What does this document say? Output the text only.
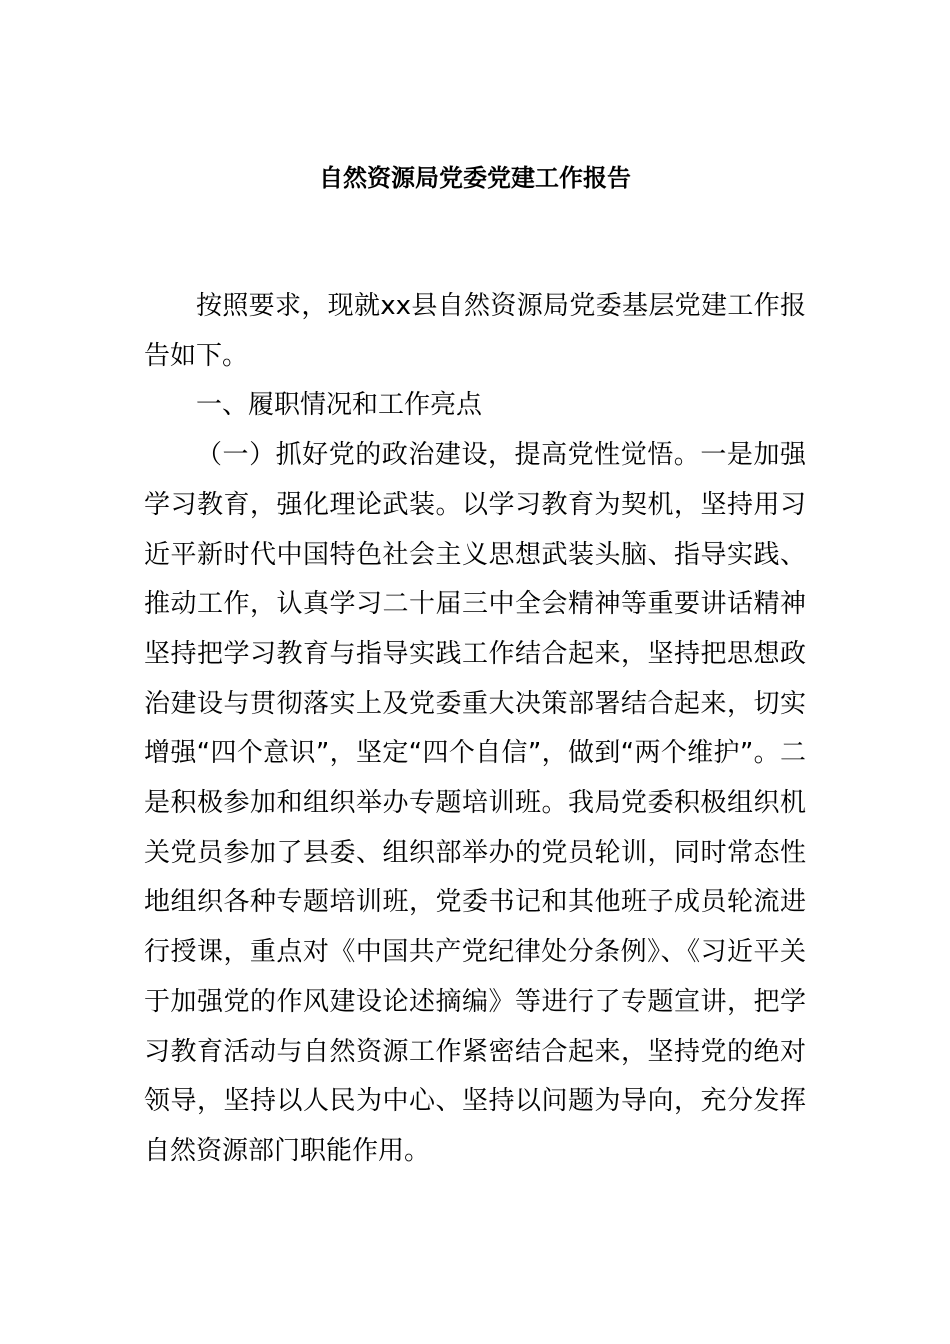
自然资源局党委党建工作报告

按照要求，现就xx县自然资源局党委基层党建工作报告如下。

一、履职情况和工作亮点

（一）抓好党的政治建设，提高党性觉悟。一是加强学习教育，强化理论武装。以学习教育为契机，坚持用习近平新时代中国特色社会主义思想武装头脑、指导实践、推动工作，认真学习二十届三中全会精神等重要讲话精神坚持把学习教育与指导实践工作结合起来，坚持把思想政治建设与贯彻落实上及党委重大决策部署结合起来，切实增强“四个意识”，坚定“四个自信”，做到“两个维护”。二是积极参加和组织举办专题培训班。我局党委积极组织机关党员参加了县委、组织部举办的党员轮训，同时常态性地组织各种专题培训班，党委书记和其他班子成员轮流进行授课，重点对《中国共产党纪律处分条例》、《习近平关于加强党的作风建设论述摘编》等进行了专题宣讲，把学习教育活动与自然资源工作紧密结合起来，坚持党的绝对领导，坚持以人民为中心、坚持以问题为导向，充分发挥自然资源部门职能作用。
